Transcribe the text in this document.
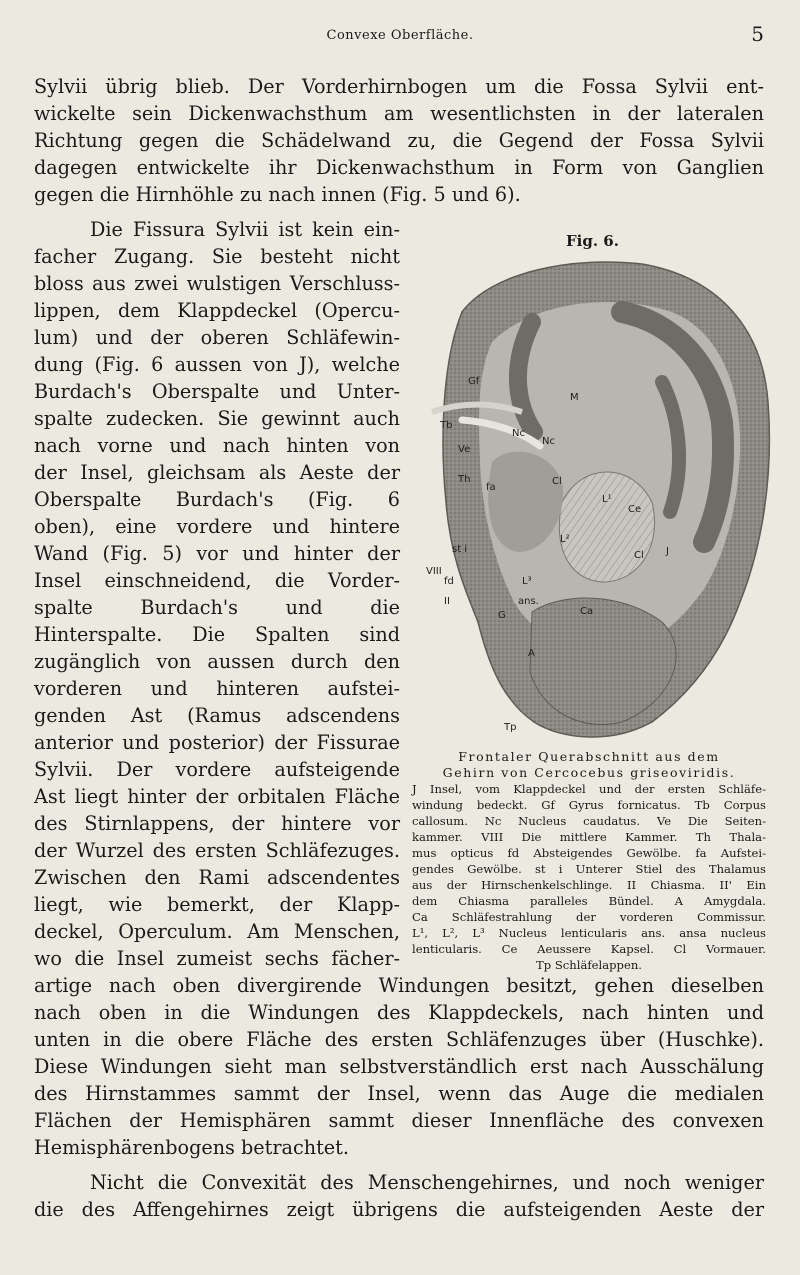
Convexe Oberfläche.	5
Sylvii übrig blieb. Der Vorderhirnbogen um die Fossa Sylvii ent-
wickelte sein Dickenwachsthum am wesentlichsten in der lateralen
Richtung gegen die Schädelwand zu, die Gegend der Fossa Sylvii
dagegen entwickelte ihr Dickenwachsthum in Form von Ganglien
gegen die Hirnhöhle zu nach innen (Fig. 5 und 6).
Die Fissura Sylvii ist kein ein-
facher Zugang. Sie besteht nicht
bloss aus zwei wulstigen Verschluss-
lippen, dem Klappdeckel (Opercu-
lum) und der oberen Schläfewin-
dung (Fig. 6 aussen von J), welche
Burdach's Oberspalte und Unter-
spalte zudecken. Sie gewinnt auch
nach vorne und nach hinten von
der Insel, gleichsam als Aeste der
Oberspalte Burdach's (Fig. 6
oben), eine vordere und hintere
Wand (Fig. 5) vor und hinter der
Insel einschneidend, die Vorder-
spalte Burdach's und die
Hinterspalte. Die Spalten sind
zugänglich von aussen durch den
vorderen und hinteren aufstei-
genden Ast (Ramus adscendens
anterior und posterior) der Fissurae
Sylvii. Der vordere aufsteigende
Ast liegt hinter der orbitalen Fläche
des Stirnlappens, der hintere vor
der Wurzel des ersten Schläfezuges.
Zwischen den Rami adscendentes
liegt, wie bemerkt, der Klapp-
deckel, Operculum. Am Menschen,
wo die Insel zumeist sechs fächer-
artige nach oben divergirende Windungen besitzt, gehen dieselben
nach oben in die Windungen des Klappdeckels, nach hinten und
unten in die obere Fläche des ersten Schläfenzuges über (Huschke).
Diese Windungen sieht man selbstverständlich erst nach Ausschälung
des Hirnstammes sammt der Insel, wenn das Auge die medialen
Flächen der Hemisphären sammt dieser Innenfläche des convexen
Hemisphärenbogens betrachtet.
Nicht die Convexität des Menschengehirnes, und noch weniger
die des Affengehirnes zeigt übrigens die aufsteigenden Aeste der
Fig. 6.
Gf
M
Tb
Nc
Nc
Ve
Th
fa
Cl
L¹
Ce
L²
Cl J
st i
VIII
fd	L³
II	ans.
G	Ca
A
Tp
Frontaler Querabschnitt aus dem
Gehirn von Cercocebus griseoviridis.
J Insel, vom Klappdeckel und der ersten Schläfe-
windung bedeckt. Gf Gyrus fornicatus. Tb Corpus
callosum. Nc Nucleus caudatus. Ve Die Seiten-
kammer. VIII Die mittlere Kammer. Th Thala-
mus opticus fd Absteigendes Gewölbe. fa Aufstei-
gendes Gewölbe. st i Unterer Stiel des Thalamus
aus der Hirnschenkelschlinge. II Chiasma. II' Ein
dem Chiasma paralleles Bündel. A Amygdala.
Ca Schläfestrahlung der vorderen Commissur.
L¹, L², L³ Nucleus lenticularis ans. ansa nucleus
lenticularis. Ce Aeussere Kapsel. Cl Vormauer.
Tp Schläfelappen.
